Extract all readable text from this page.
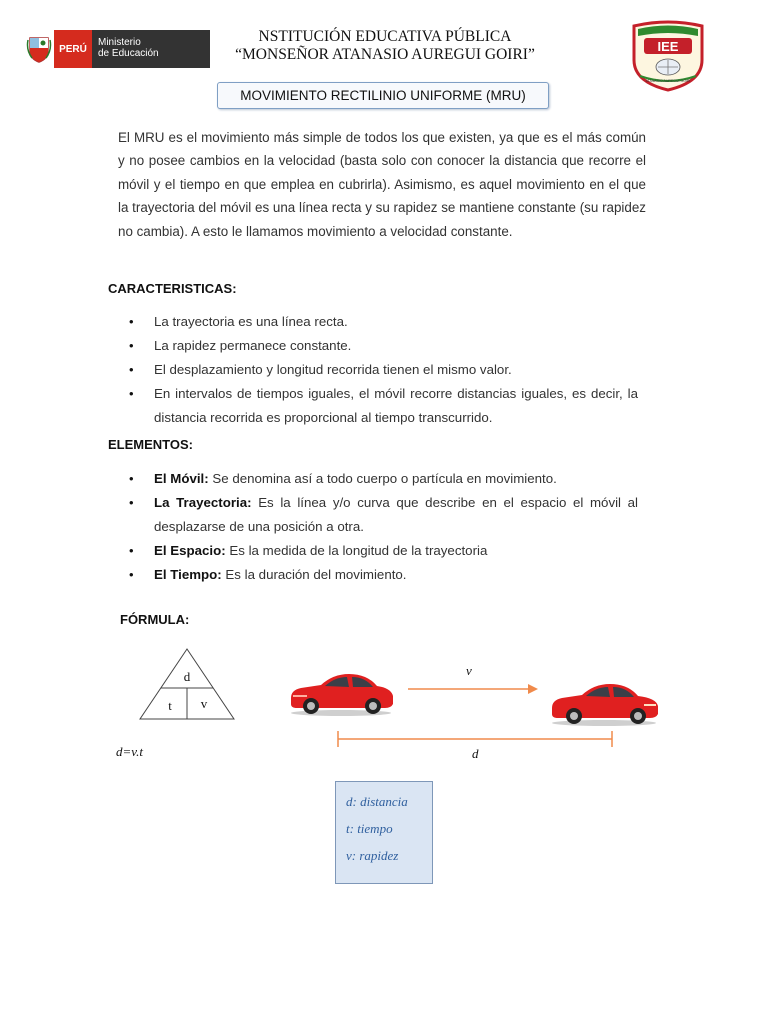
PERÚ
Ministerio
de Educación
NSTITUCIÓN EDUCATIVA PÚBLICA
“MONSEÑOR ATANASIO AUREGUI GOIRI”	IEE
ATANASIO AUREGUI GOIRI
MOVIMIENTO RECTILINIO UNIFORME (MRU)
El MRU es el movimiento más simple de todos los que existen, ya que es el más común y no posee cambios en la velocidad (basta solo con conocer la distancia que recorre el móvil y el tiempo en que emplea en cubrirla). Asimismo, es aquel movimiento en el que la trayectoria del móvil es una línea recta y su rapidez se mantiene constante (su rapidez no cambia). A esto le llamamos movimiento a velocidad constante.
CARACTERISTICAS:
• La trayectoria es una línea recta.
• La rapidez permanece constante.
• El desplazamiento y longitud recorrida tienen el mismo valor.
• En intervalos de tiempos iguales, el móvil recorre distancias iguales, es decir, la distancia recorrida es proporcional al tiempo transcurrido.
ELEMENTOS:
• El Móvil: Se denomina así a todo cuerpo o partícula en movimiento.
• La Trayectoria: Es la línea y/o curva que describe en el espacio el móvil al desplazarse de una posición a otra.
• El Espacio: Es la medida de la longitud de la trayectoria
• El Tiempo: Es la duración del movimiento.
FÓRMULA:
d
t v
d=v.t
v
d
d: distancia
t: tiempo
v: rapidez
